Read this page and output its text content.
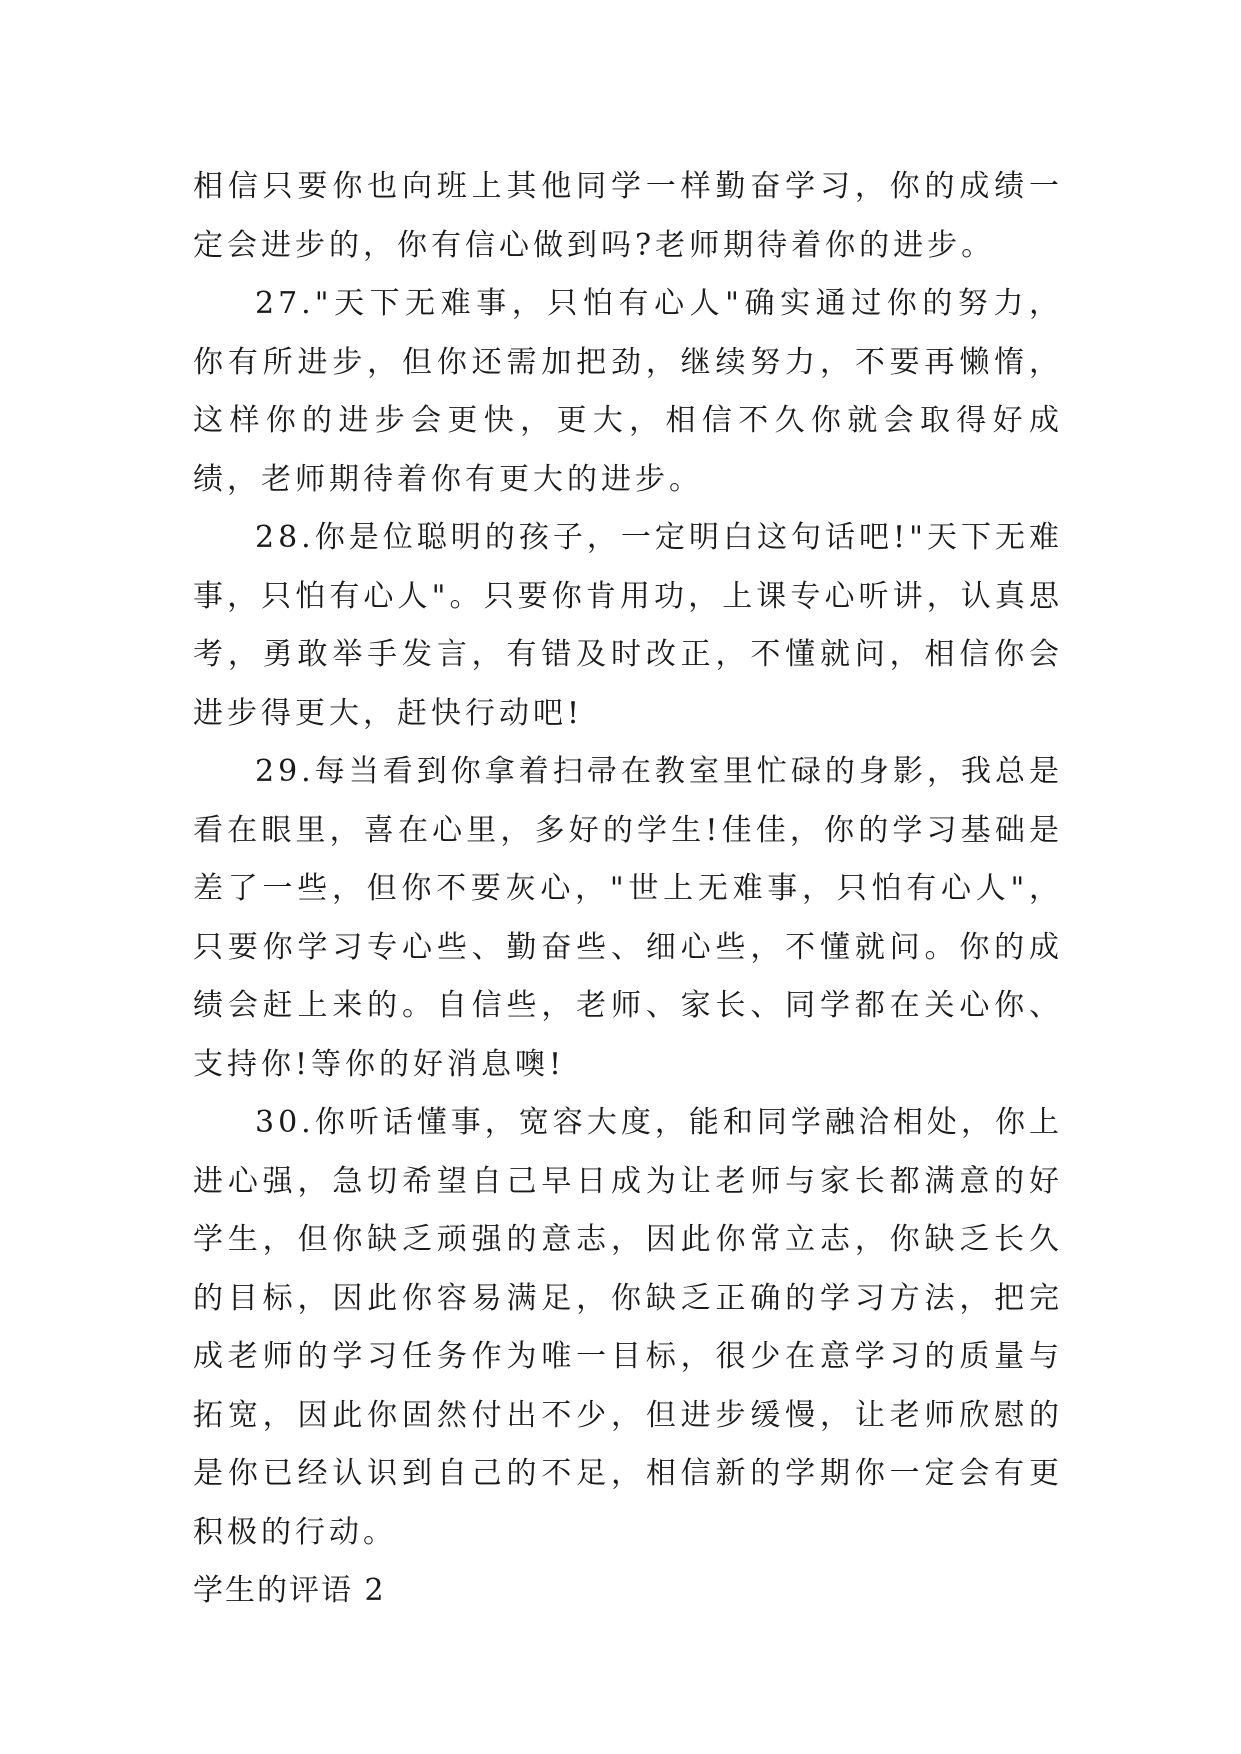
相信只要你也向班上其他同学一样勤奋学习，你的成绩一定会进步的，你有信心做到吗?老师期待着你的进步。

27."天下无难事，只怕有心人"确实通过你的努力，你有所进步，但你还需加把劲，继续努力，不要再懒惰，这样你的进步会更快，更大，相信不久你就会取得好成绩，老师期待着你有更大的进步。

28.你是位聪明的孩子，一定明白这句话吧!"天下无难事，只怕有心人"。只要你肯用功，上课专心听讲，认真思考，勇敢举手发言，有错及时改正，不懂就问，相信你会进步得更大，赶快行动吧!

29.每当看到你拿着扫帚在教室里忙碌的身影，我总是看在眼里，喜在心里，多好的学生!佳佳，你的学习基础是差了一些，但你不要灰心，"世上无难事，只怕有心人"，只要你学习专心些、勤奋些、细心些，不懂就问。你的成绩会赶上来的。自信些，老师、家长、同学都在关心你、支持你!等你的好消息噢!

30.你听话懂事，宽容大度，能和同学融洽相处，你上进心强，急切希望自己早日成为让老师与家长都满意的好学生，但你缺乏顽强的意志，因此你常立志，你缺乏长久的目标，因此你容易满足，你缺乏正确的学习方法，把完成老师的学习任务作为唯一目标，很少在意学习的质量与拓宽，因此你固然付出不少，但进步缓慢，让老师欣慰的是你已经认识到自己的不足，相信新的学期你一定会有更积极的行动。

学生的评语 2
